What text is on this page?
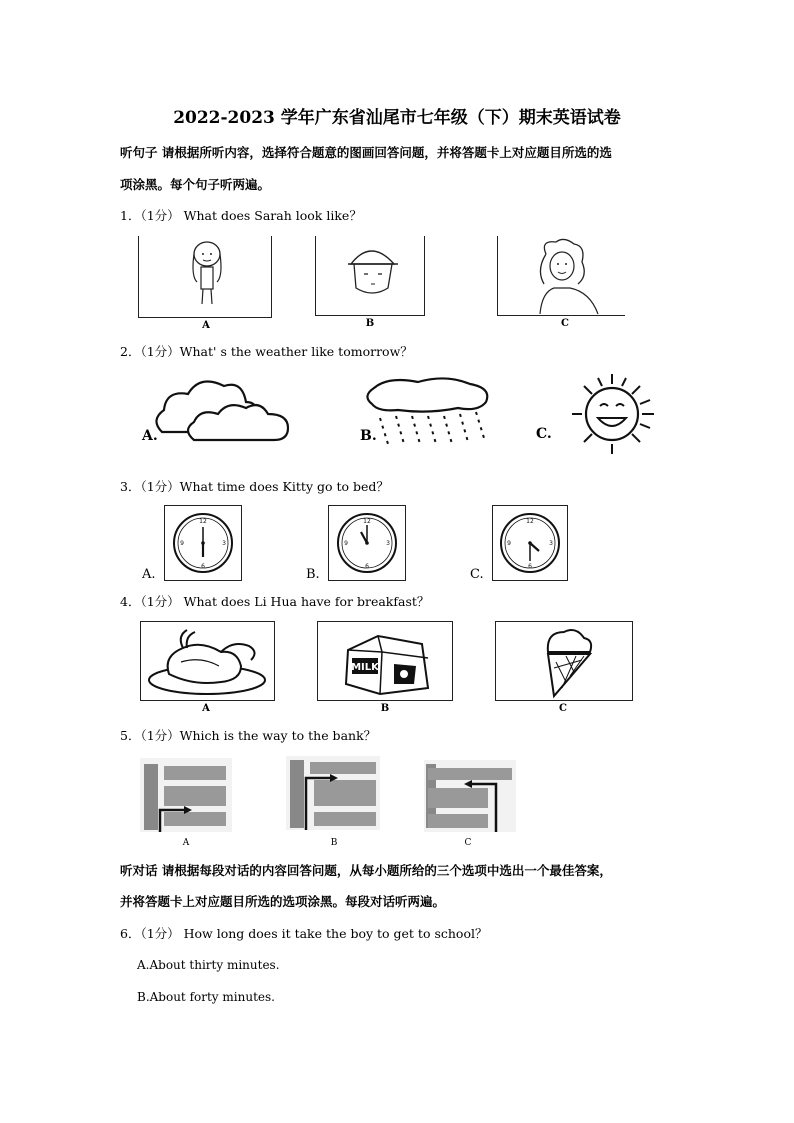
2022-2023 学年广东省汕尾市七年级（下）期末英语试卷
听句子 请根据所听内容，选择符合题意的图画回答问题，并将答题卡上对应题目所选的选
项涂黑。每个句子听两遍。
1．（1分） What does Sarah look like？
A	B	C
2．（1分）What' s the weather like tomorrow？
A.	B.	C.
3．（1分）What time does Kitty go to bed？
A.
12
6
3
9
B.
12
6
3
9
C.
12
6
3
9
4．（1分） What does Li Hua have for breakfast？
A
MILK
B	C
5．（1分）Which is the way to the bank？
A	B	C
听对话 请根据每段对话的内容回答问题，从每小题所给的三个选项中选出一个最佳答案，
并将答题卡上对应题目所选的选项涂黑。每段对话听两遍。
6．（1分） How long does it take the boy to get to school？
A.About thirty minutes.
B.About forty minutes.
